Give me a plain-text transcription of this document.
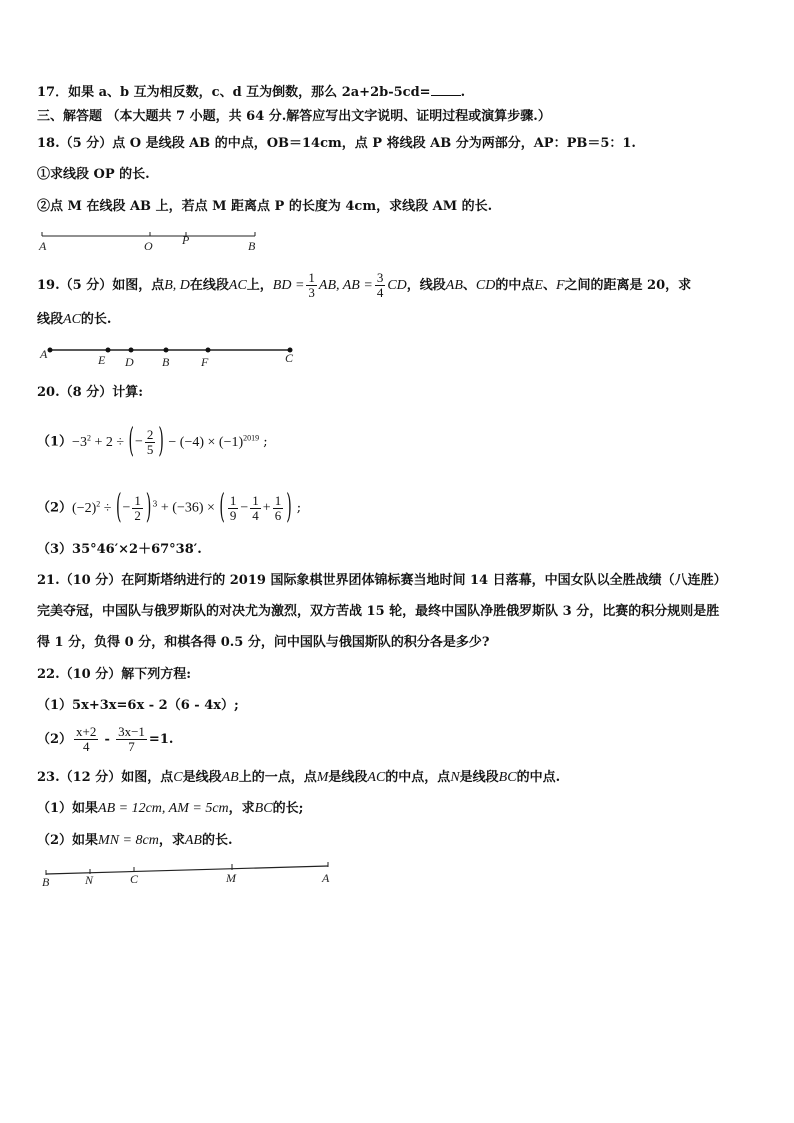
17．如果 a、b 互为相反数，c、d 互为倒数，那么 2a+2b-5cd= .
三、解答题 （本大题共 7 小题，共 64 分.解答应写出文字说明、证明过程或演算步骤.）
18.（5 分）点 O 是线段 AB 的中点，OB＝14cm，点 P 将线段 AB 分为两部分，AP：PB＝5：1.
①求线段 OP 的长.
②点 M 在线段 AB 上，若点 M 距离点 P 的长度为 4cm，求线段 AM 的长.
A	O P	B
19.（5 分）如图，点B, D在线段AC上，BD = $\frac{1}{3}$ AB, AB = $\frac{3}{4}$ CD，线段AB、CD的中点E、F之间的距离是 20，求
线段AC的长.
A	E D B	F	C
20.（8 分）计算:
$(1)-3^2 + 2$ ÷ (− $\frac{2}{5}$ ) − $(-4) \times (-1)^{2019}$ ;
$(2)(-2)^2$ ÷ (− $\frac{1}{2} )^3 + (-36)$ × ( $\frac{1}{9} - \frac{1}{4} + \frac{1}{6}$ ) ;
（3）35°46′×2＋67°38′.
21.（10 分）在阿斯塔纳进行的 2019 国际象棋世界团体锦标赛当地时间 14 日落幕，中国女队以全胜战绩（八连胜）
完美夺冠，中国队与俄罗斯队的对决尤为激烈，双方苦战 15 轮，最终中国队净胜俄罗斯队 3 分，比赛的积分规则是胜
得 1 分，负得 0 分，和棋各得 0.5 分，问中国队与俄国斯队的积分各是多少?
22.（10 分）解下列方程:
（1）5x+3x=6x - 2（6 - 4x）;
$(2) \frac{x+2}{4} - \frac{3x-1}{7} =1$.
23.（12 分）如图，点C是线段AB上的一点，点M是线段AC的中点，点N是线段BC的中点.
（1）如果AB = 12cm, AM = 5cm，求BC的长;
（2）如果MN = 8cm，求AB的长.
B	N	C	M	A
